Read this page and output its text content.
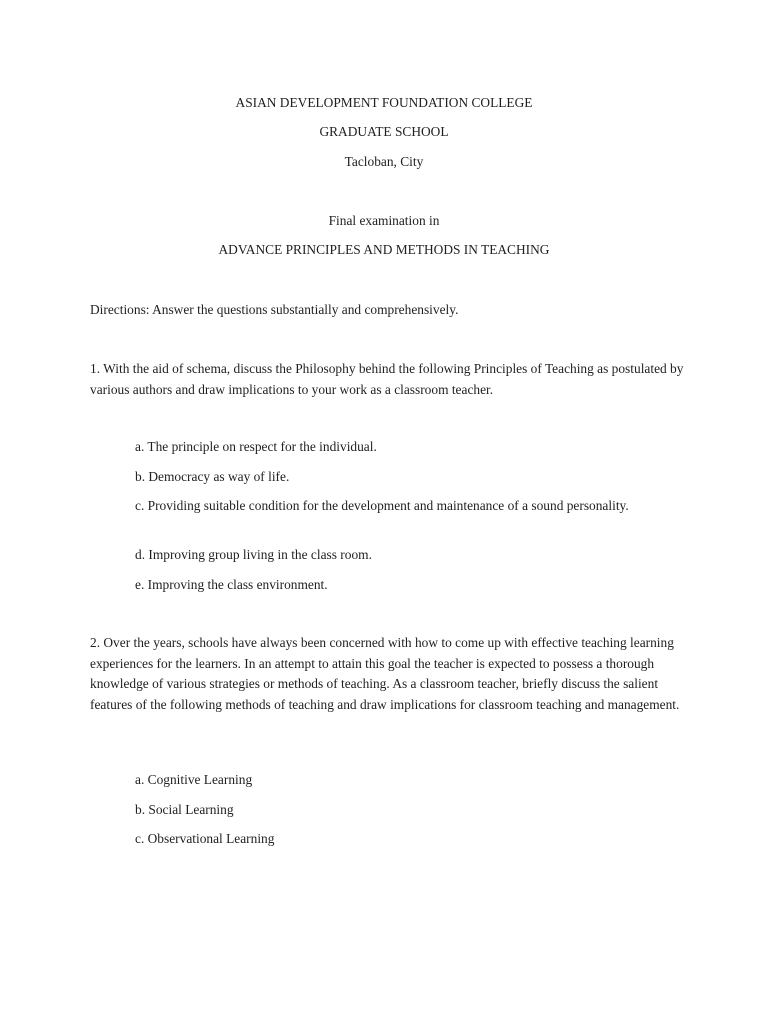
ASIAN DEVELOPMENT FOUNDATION COLLEGE
GRADUATE SCHOOL
Tacloban, City
Final examination in
ADVANCE PRINCIPLES AND METHODS IN TEACHING
Directions: Answer the questions substantially and comprehensively.
1. With the aid of schema, discuss the Philosophy behind the following Principles of Teaching as postulated by various authors and draw implications to your work as a classroom teacher.
a. The principle on respect for the individual.
b. Democracy as way of life.
c. Providing suitable condition for the development and maintenance of a sound personality.
d. Improving group living in the class room.
e. Improving the class environment.
2. Over the years, schools have always been concerned with how to come up with effective teaching learning experiences for the learners. In an attempt to attain this goal the teacher is expected to possess a thorough knowledge of various strategies or methods of teaching. As a classroom teacher, briefly discuss the salient features of the following methods of teaching and draw implications for classroom teaching and management.
a. Cognitive Learning
b. Social Learning
c. Observational Learning
